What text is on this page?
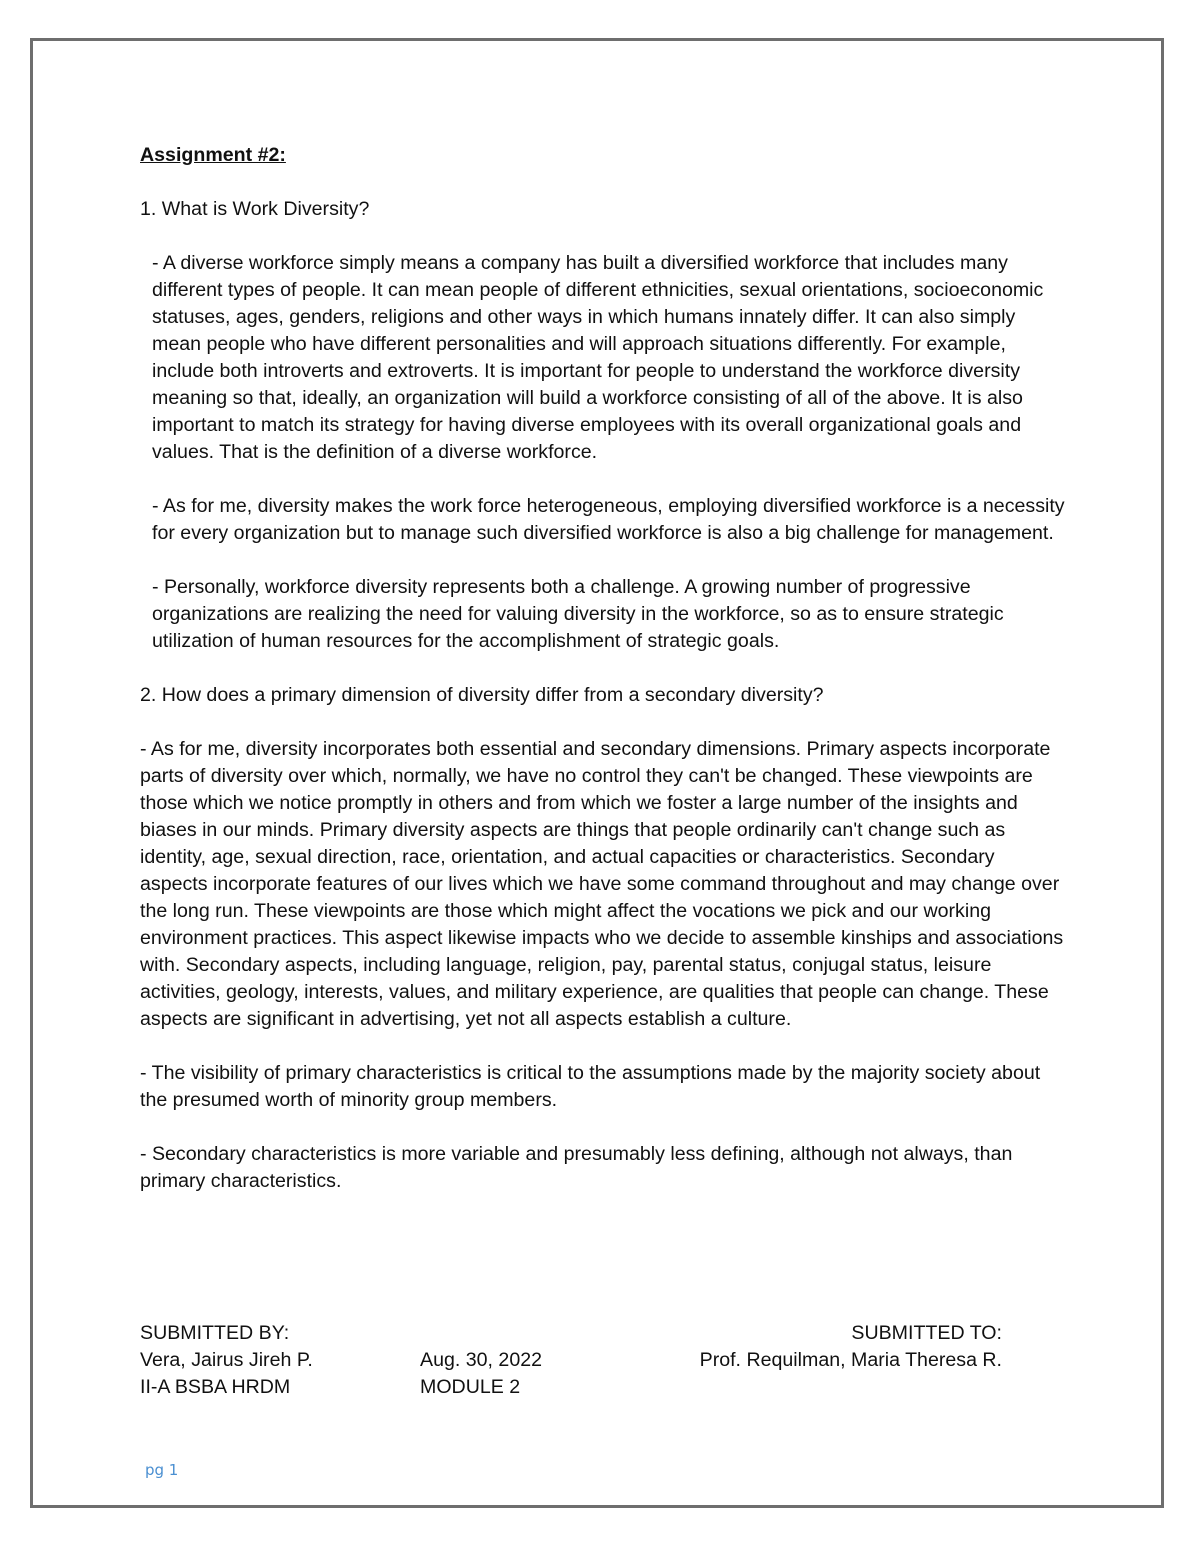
Assignment #2:

1. What is Work Diversity?

- A diverse workforce simply means a company has built a diversified workforce that includes many different types of people. It can mean people of different ethnicities, sexual orientations, socioeconomic statuses, ages, genders, religions and other ways in which humans innately differ. It can also simply mean people who have different personalities and will approach situations differently. For example, include both introverts and extroverts. It is important for people to understand the workforce diversity meaning so that, ideally, an organization will build a workforce consisting of all of the above. It is also important to match its strategy for having diverse employees with its overall organizational goals and values. That is the definition of a diverse workforce.

- As for me, diversity makes the work force heterogeneous, employing diversified workforce is a necessity for every organization but to manage such diversified workforce is also a big challenge for management.

- Personally, workforce diversity represents both a challenge. A growing number of progressive organizations are realizing the need for valuing diversity in the workforce, so as to ensure strategic utilization of human resources for the accomplishment of strategic goals.

2. How does a primary dimension of diversity differ from a secondary diversity?

- As for me, diversity incorporates both essential and secondary dimensions. Primary aspects incorporate parts of diversity over which, normally, we have no control they can't be changed. These viewpoints are those which we notice promptly in others and from which we foster a large number of the insights and biases in our minds. Primary diversity aspects are things that people ordinarily can't change such as identity, age, sexual direction, race, orientation, and actual capacities or characteristics. Secondary aspects incorporate features of our lives which we have some command throughout and may change over the long run. These viewpoints are those which might affect the vocations we pick and our working environment practices. This aspect likewise impacts who we decide to assemble kinships and associations with. Secondary aspects, including language, religion, pay, parental status, conjugal status, leisure activities, geology, interests, values, and military experience, are qualities that people can change. These aspects are significant in advertising, yet not all aspects establish a culture.

- The visibility of primary characteristics is critical to the assumptions made by the majority society about the presumed worth of minority group members.

- Secondary characteristics is more variable and presumably less defining, although not always, than primary characteristics.

SUBMITTED BY:
Vera, Jairus Jireh P.
II-A BSBA HRDM
Aug. 30, 2022
MODULE 2
SUBMITTED TO:
Prof. Requilman, Maria Theresa R.
pg 1
